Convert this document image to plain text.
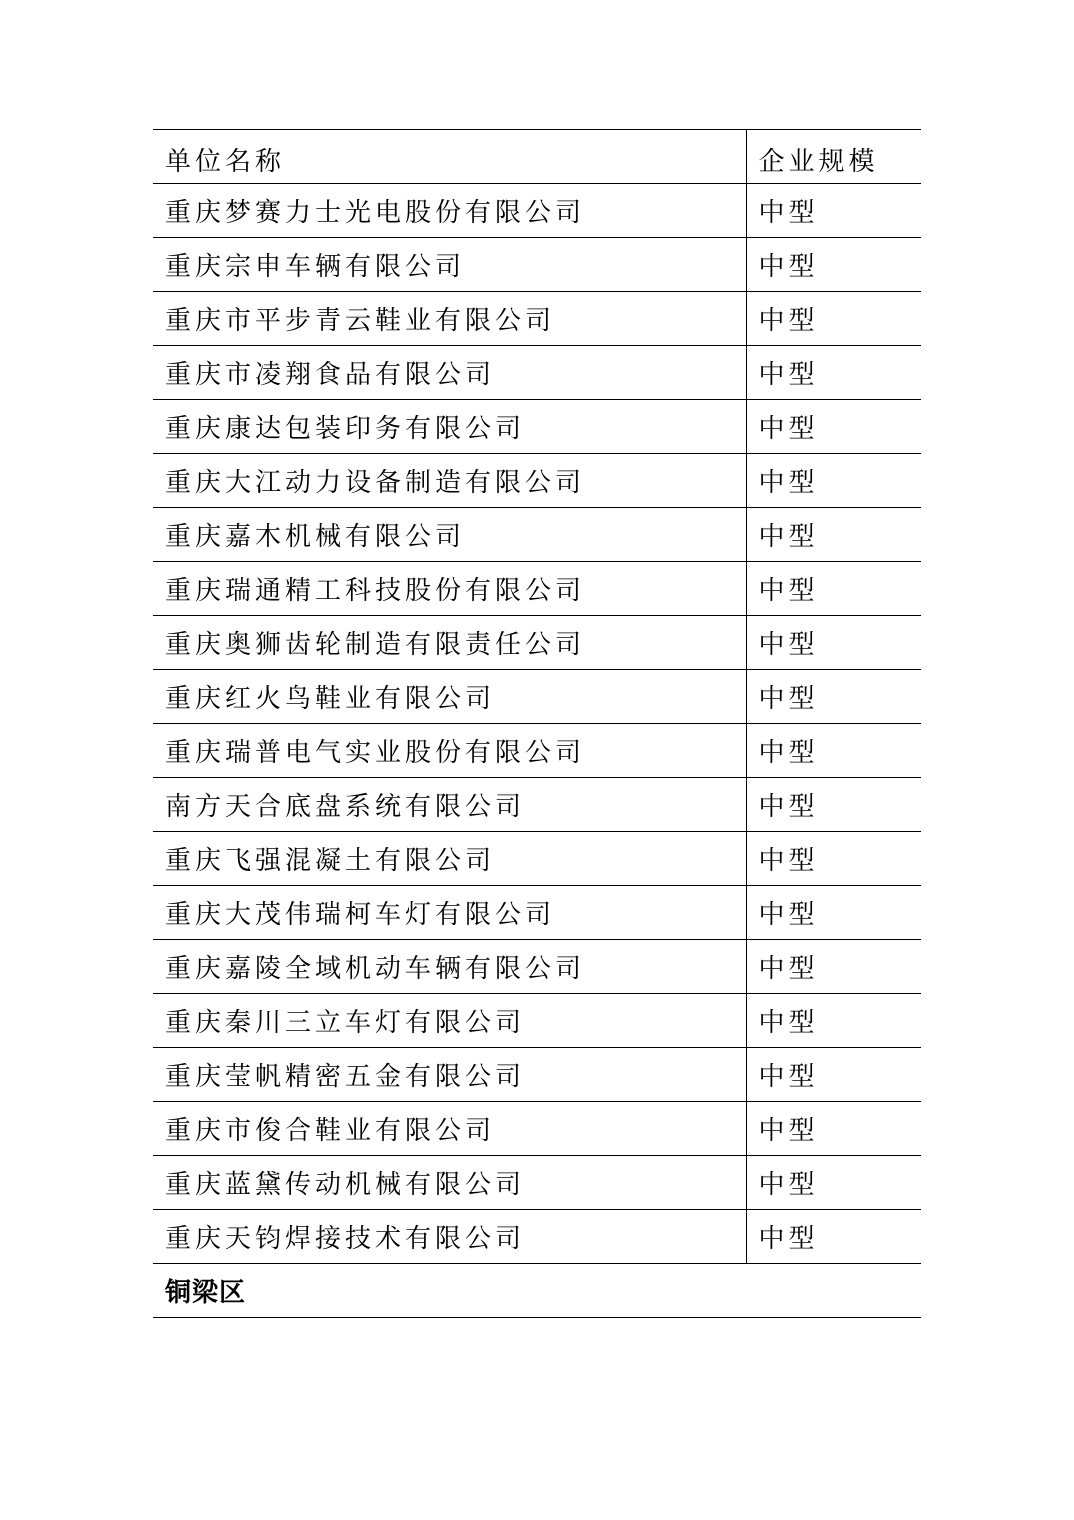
单位名称	企业规模
重庆梦赛力士光电股份有限公司	中型
重庆宗申车辆有限公司	中型
重庆市平步青云鞋业有限公司	中型
重庆市凌翔食品有限公司	中型
重庆康达包装印务有限公司	中型
重庆大江动力设备制造有限公司	中型
重庆嘉木机械有限公司	中型
重庆瑞通精工科技股份有限公司	中型
重庆奥狮齿轮制造有限责任公司	中型
重庆红火鸟鞋业有限公司	中型
重庆瑞普电气实业股份有限公司	中型
南方天合底盘系统有限公司	中型
重庆飞强混凝土有限公司	中型
重庆大茂伟瑞柯车灯有限公司	中型
重庆嘉陵全域机动车辆有限公司	中型
重庆秦川三立车灯有限公司	中型
重庆莹帆精密五金有限公司	中型
重庆市俊合鞋业有限公司	中型
重庆蓝黛传动机械有限公司	中型
重庆天钧焊接技术有限公司	中型
铜梁区	
